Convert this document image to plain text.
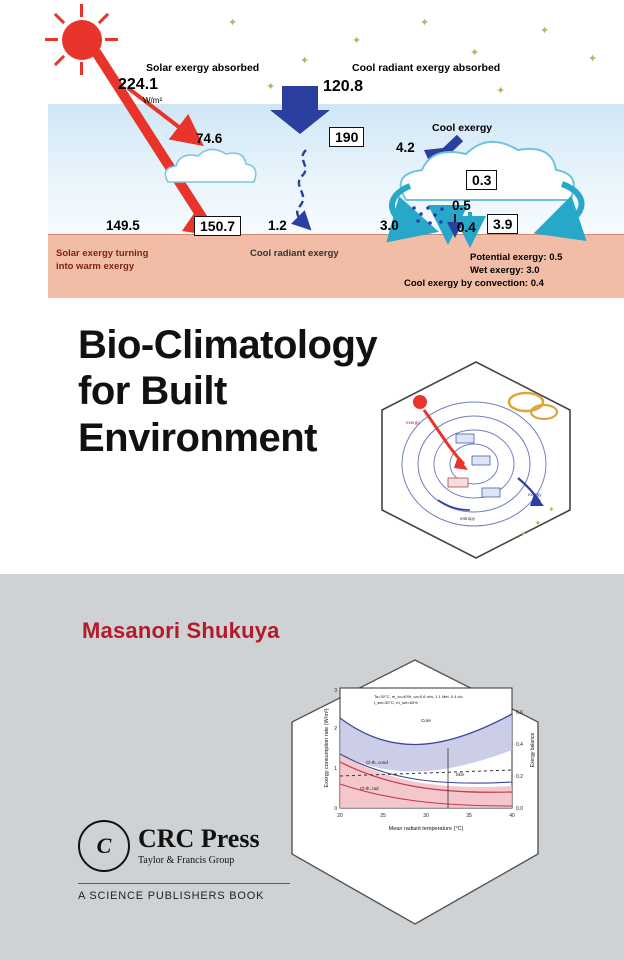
✦
✦
✦
✦
✦
✦
✦
✦	✦
Solar exergy absorbed	Cool radiant exergy absorbed
Cool exergy
224.1
W/m²
120.8
74.6	190
4.2
0.3
149.5	150.7	1.2
0.5
3.0	0.4	3.9
Solar exergy turning
into warm exergy
Cool radiant exergy	Potential exergy: 0.5
Wet exergy: 3.0
Cool exergy by convection: 0.4
Bio-Climatology
for Built
Environment
✦
✦
✦
exergy
exergy
entropy
Masanori Shukuya
20	25	30	35	40
0
1
2
3
0.0
0.2
0.4
0.6
Mean radiant temperature (°C)
Exergy consumption rate (W/m²)	Exergy balance
Core
Skin
Cl-th, cond
Cl-th, rad
Ta=30°C, rh_to=40%, va=0.6 m/s, 1.1 Met, 0.4 clo
t_set=30°C, rh_set=60%
C	CRC Press
Taylor & Francis Group
A SCIENCE PUBLISHERS BOOK
